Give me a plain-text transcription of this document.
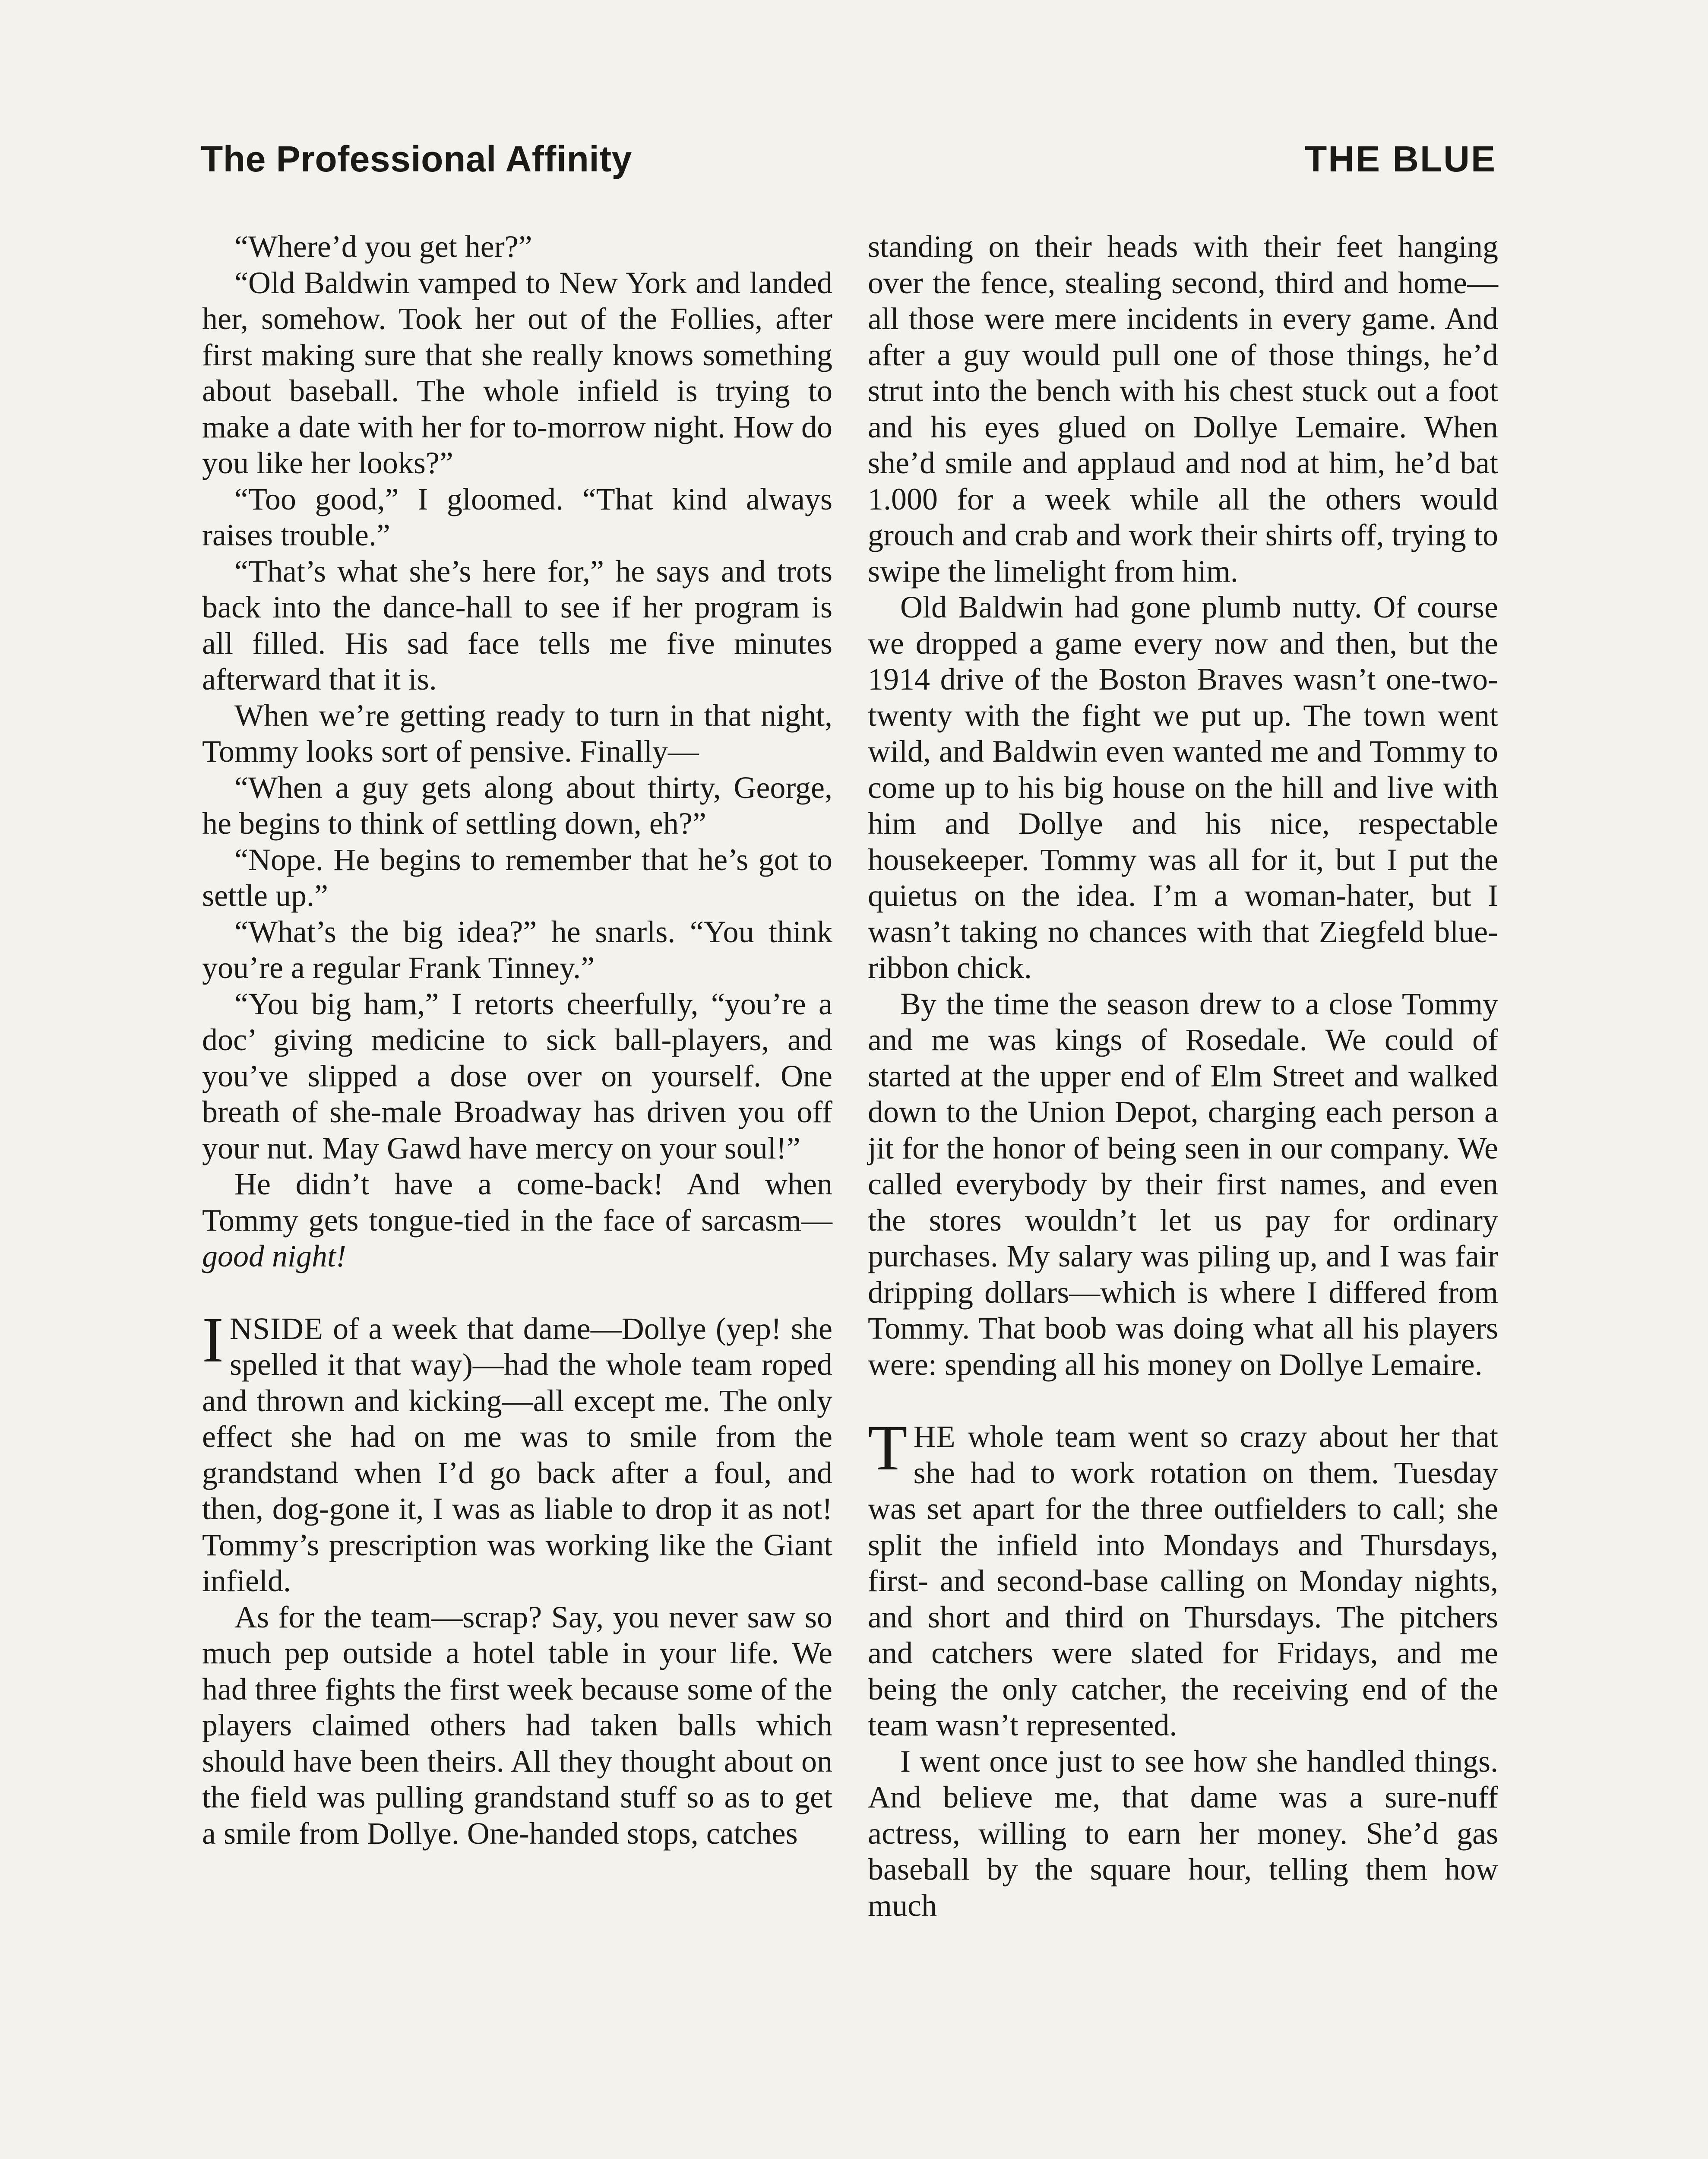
The Professional Affinity	THE BLUE

“Where’d you get her?”

“Old Baldwin vamped to New York and landed her, somehow. Took her out of the Follies, after first making sure that she really knows something about baseball. The whole infield is trying to make a date with her for to-morrow night. How do you like her looks?”

“Too good,” I gloomed. “That kind always raises trouble.”

“That’s what she’s here for,” he says and trots back into the dance-hall to see if her program is all filled. His sad face tells me five minutes afterward that it is.

When we’re getting ready to turn in that night, Tommy looks sort of pensive. Finally—

“When a guy gets along about thirty, George, he begins to think of settling down, eh?”

“Nope. He begins to remember that he’s got to settle up.”

“What’s the big idea?” he snarls. “You think you’re a regular Frank Tinney.”

“You big ham,” I retorts cheerfully, “you’re a doc’ giving medicine to sick ball-players, and you’ve slipped a dose over on yourself. One breath of she-male Broadway has driven you off your nut. May Gawd have mercy on your soul!”

He didn’t have a come-back! And when Tommy gets tongue-tied in the face of sarcasm—good night!

INSIDE of a week that dame—Dollye (yep! she spelled it that way)—had the whole team roped and thrown and kicking—all except me. The only effect she had on me was to smile from the grandstand when I’d go back after a foul, and then, dog-gone it, I was as liable to drop it as not! Tommy’s prescription was working like the Giant infield.

As for the team—scrap? Say, you never saw so much pep outside a hotel table in your life. We had three fights the first week because some of the players claimed others had taken balls which should have been theirs. All they thought about on the field was pulling grandstand stuff so as to get a smile from Dollye. One-handed stops, catches

standing on their heads with their feet hanging over the fence, stealing second, third and home—all those were mere incidents in every game. And after a guy would pull one of those things, he’d strut into the bench with his chest stuck out a foot and his eyes glued on Dollye Lemaire. When she’d smile and applaud and nod at him, he’d bat 1.000 for a week while all the others would grouch and crab and work their shirts off, trying to swipe the limelight from him.

Old Baldwin had gone plumb nutty. Of course we dropped a game every now and then, but the 1914 drive of the Boston Braves wasn’t one-two-twenty with the fight we put up. The town went wild, and Baldwin even wanted me and Tommy to come up to his big house on the hill and live with him and Dollye and his nice, respectable housekeeper. Tommy was all for it, but I put the quietus on the idea. I’m a woman-hater, but I wasn’t taking no chances with that Ziegfeld blue-ribbon chick.

By the time the season drew to a close Tommy and me was kings of Rosedale. We could of started at the upper end of Elm Street and walked down to the Union Depot, charging each person a jit for the honor of being seen in our company. We called everybody by their first names, and even the stores wouldn’t let us pay for ordinary purchases. My salary was piling up, and I was fair dripping dollars—which is where I differed from Tommy. That boob was doing what all his players were: spending all his money on Dollye Lemaire.

THE whole team went so crazy about her that she had to work rotation on them. Tuesday was set apart for the three outfielders to call; she split the infield into Mondays and Thursdays, first- and second-base calling on Monday nights, and short and third on Thursdays. The pitchers and catchers were slated for Fridays, and me being the only catcher, the receiving end of the team wasn’t represented.

I went once just to see how she handled things. And believe me, that dame was a sure-nuff actress, willing to earn her money. She’d gas baseball by the square hour, telling them how much
